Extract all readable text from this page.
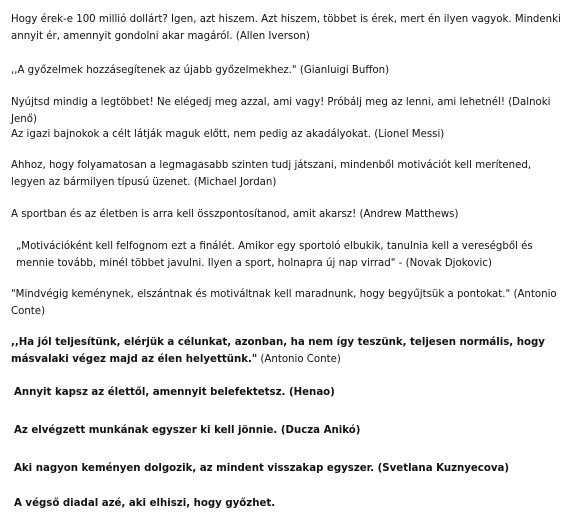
Hogy érek-e 100 millió dollárt? Igen, azt hiszem. Azt hiszem, többet is érek, mert én ilyen vagyok. Mindenki annyit ér, amennyit gondolni akar magáról. (Allen Iverson)
,,A győzelmek hozzásegítenek az újabb győzelmekhez." (Gianluigi Buffon)
Nyújtsd mindig a legtöbbet! Ne elégedj meg azzal, ami vagy! Próbálj meg az lenni, ami lehetnél! (Dalnoki Jenő)
Az igazi bajnokok a célt látják maguk előtt, nem pedig az akadályokat. (Lionel Messi)
Ahhoz, hogy folyamatosan a legmagasabb szinten tudj játszani, mindenből motivációt kell merítened, legyen az bármilyen típusú üzenet. (Michael Jordan)
A sportban és az életben is arra kell összpontosítanod, amit akarsz! (Andrew Matthews)
„Motivációként kell felfognom ezt a finálét. Amikor egy sportoló elbukik, tanulnia kell a vereségből és mennie tovább, minél többet javulni. Ilyen a sport, holnapra új nap virrad" - (Novak Djokovic)
"Mindvégig keménynek, elszántnak és motiváltnak kell maradnunk, hogy begyűjtsük a pontokat." (Antonio Conte)
,,Ha jól teljesítünk, elérjük a célunkat, azonban, ha nem így teszünk, teljesen normális, hogy másvalaki végez majd az élen helyettünk." (Antonio Conte)
Annyit kapsz az élettől, amennyit belefektetsz. (Henao)
Az elvégzett munkának egyszer ki kell jönnie. (Ducza Anikó)
Aki nagyon keményen dolgozik, az mindent visszakap egyszer. (Svetlana Kuznyecova)
A végső diadal azé, aki elhiszi, hogy győzhet.
